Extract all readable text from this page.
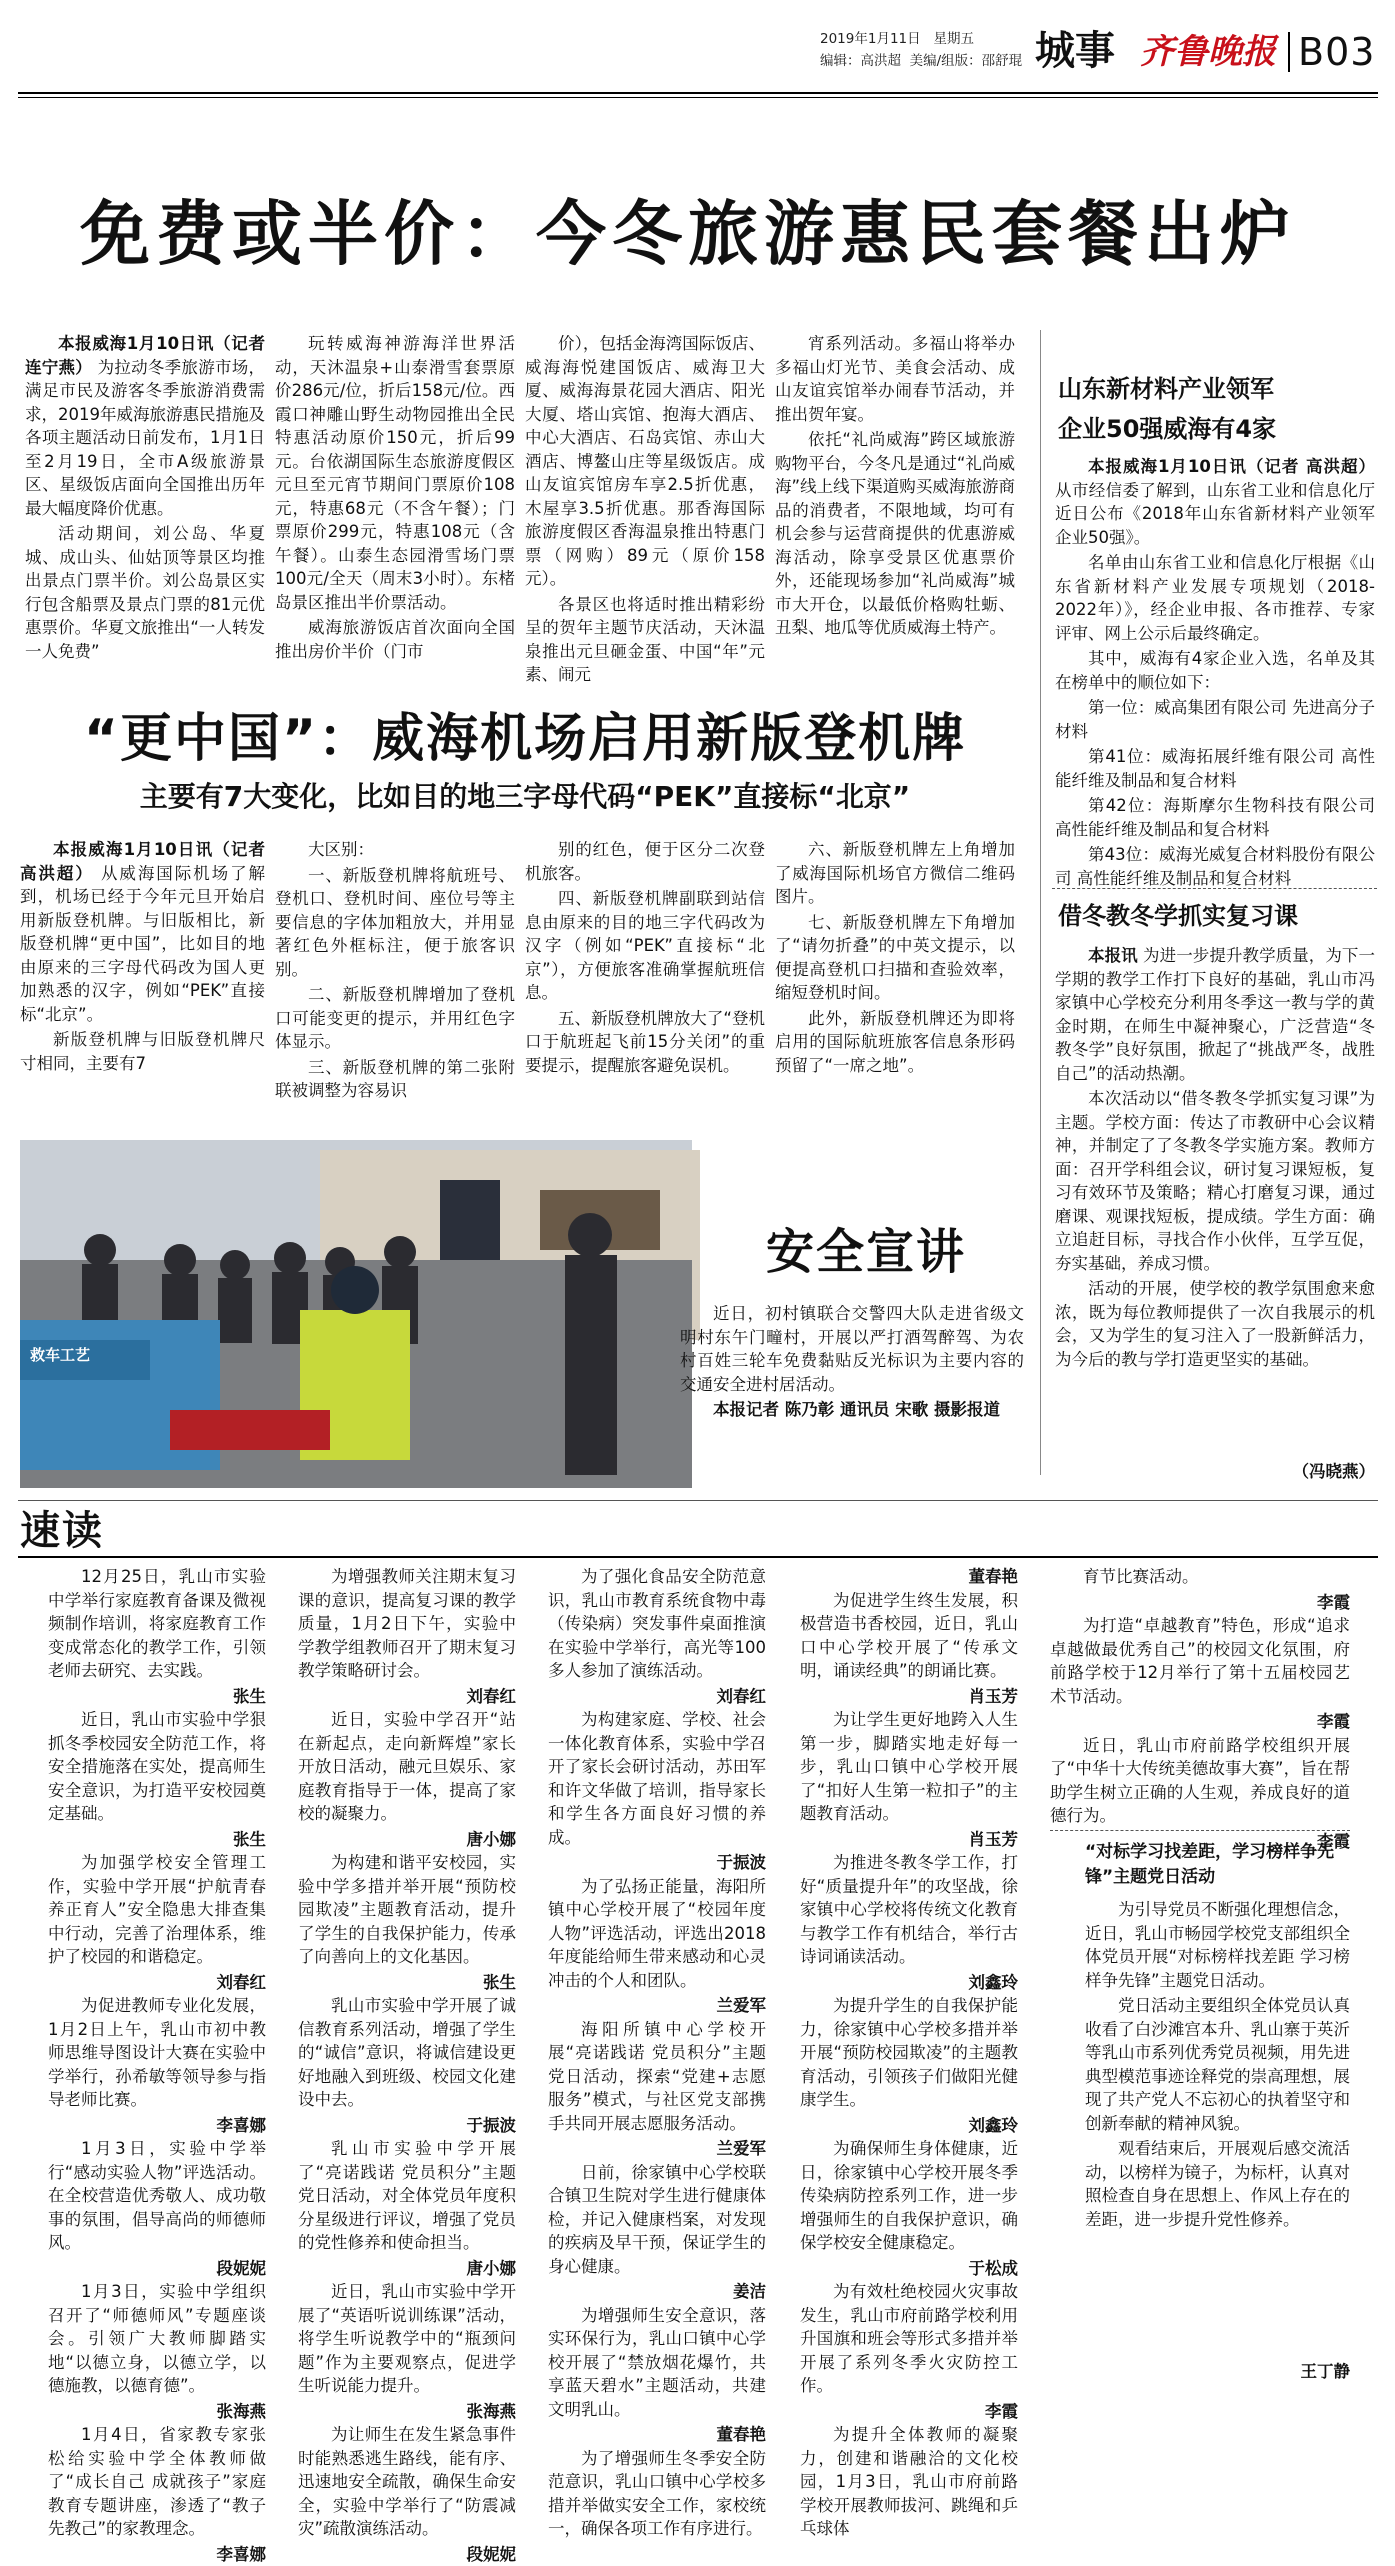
2019年1月11日 星期五
编辑：高洪超 美编/组版：邵舒琨 城事 齐鲁晚报 B03
免费或半价：今冬旅游惠民套餐出炉

本报威海1月10日讯（记者 连宁燕） 为拉动冬季旅游市场，满足市民及游客冬季旅游消费需求，2019年威海旅游惠民措施及各项主题活动日前发布，1月1日至2月19日，全市A级旅游景区、星级饭店面向全国推出历年最大幅度降价优惠。

活动期间，刘公岛、华夏城、成山头、仙姑顶等景区均推出景点门票半价。刘公岛景区实行包含船票及景点门票的81元优惠票价。华夏文旅推出“一人转发一人免费”

玩转威海神游海洋世界活动，天沐温泉+山泰滑雪套票原价286元/位，折后158元/位。西霞口神雕山野生动物园推出全民特惠活动原价150元，折后99元。台依湖国际生态旅游度假区元旦至元宵节期间门票原价108元，特惠68元（不含午餐）；门票原价299元，特惠108元（含午餐）。山泰生态园滑雪场门票100元/全天（周末3小时）。东楮岛景区推出半价票活动。

威海旅游饭店首次面向全国推出房价半价（门市

价），包括金海湾国际饭店、威海海悦建国饭店、威海卫大厦、威海海景花园大酒店、阳光大厦、塔山宾馆、抱海大酒店、中心大酒店、石岛宾馆、赤山大酒店、博鳌山庄等星级饭店。成山友谊宾馆房车享2.5折优惠，木屋享3.5折优惠。那香海国际旅游度假区香海温泉推出特惠门票（网购）89元（原价158元）。

各景区也将适时推出精彩纷呈的贺年主题节庆活动，天沐温泉推出元旦砸金蛋、中国“年”元素、闹元

宵系列活动。多福山将举办多福山灯光节、美食会活动、成山友谊宾馆举办闹春节活动，并推出贺年宴。

依托“礼尚威海”跨区域旅游购物平台，今冬凡是通过“礼尚威海”线上线下渠道购买威海旅游商品的消费者，不限地域，均可有机会参与运营商提供的优惠游威海活动，除享受景区优惠票价外，还能现场参加“礼尚威海”城市大开仓，以最低价格购牡蛎、丑梨、地瓜等优质威海土特产。

“更中国”：威海机场启用新版登机牌
主要有7大变化，比如目的地三字母代码“PEK”直接标“北京”

本报威海1月10日讯（记者 高洪超） 从威海国际机场了解到，机场已经于今年元旦开始启用新版登机牌。与旧版相比，新版登机牌“更中国”，比如目的地由原来的三字母代码改为国人更加熟悉的汉字，例如“PEK”直接标“北京”。

新版登机牌与旧版登机牌尺寸相同，主要有7

大区别：

一、新版登机牌将航班号、登机口、登机时间、座位号等主要信息的字体加粗放大，并用显著红色外框标注，便于旅客识别。

二、新版登机牌增加了登机口可能变更的提示，并用红色字体显示。

三、新版登机牌的第二张附联被调整为容易识

别的红色，便于区分二次登机旅客。

四、新版登机牌副联到站信息由原来的目的地三字代码改为汉字（例如“PEK”直接标“北京”），方便旅客准确掌握航班信息。

五、新版登机牌放大了“登机口于航班起飞前15分关闭”的重要提示，提醒旅客避免误机。

六、新版登机牌左上角增加了威海国际机场官方微信二维码图片。

七、新版登机牌左下角增加了“请勿折叠”的中英文提示，以便提高登机口扫描和查验效率，缩短登机时间。

此外，新版登机牌还为即将启用的国际航班旅客信息条形码预留了“一席之地”。

救车工艺
安全宣讲

近日，初村镇联合交警四大队走进省级文明村东午门疃村，开展以严打酒驾醉驾、为农村百姓三轮车免费黏贴反光标识为主要内容的交通安全进村居活动。

本报记者 陈乃彰 通讯员 宋歌 摄影报道

山东新材料产业领军
企业50强威海有4家

本报威海1月10日讯（记者 高洪超） 从市经信委了解到，山东省工业和信息化厅近日公布《2018年山东省新材料产业领军企业50强》。

名单由山东省工业和信息化厅根据《山东省新材料产业发展专项规划（2018-2022年）》，经企业申报、各市推荐、专家评审、网上公示后最终确定。

其中，威海有4家企业入选，名单及其在榜单中的顺位如下：

第一位：威高集团有限公司 先进高分子材料

第41位：威海拓展纤维有限公司 高性能纤维及制品和复合材料

第42位：海斯摩尔生物科技有限公司 高性能纤维及制品和复合材料

第43位：威海光威复合材料股份有限公司 高性能纤维及制品和复合材料

借冬教冬学抓实复习课

本报讯 为进一步提升教学质量，为下一学期的教学工作打下良好的基础，乳山市冯家镇中心学校充分利用冬季这一教与学的黄金时期，在师生中凝神聚心，广泛营造“冬教冬学”良好氛围，掀起了“挑战严冬，战胜自己”的活动热潮。

本次活动以“借冬教冬学抓实复习课”为主题。学校方面：传达了市教研中心会议精神，并制定了了冬教冬学实施方案。教师方面：召开学科组会议，研讨复习课短板，复习有效环节及策略；精心打磨复习课，通过磨课、观课找短板，提成绩。学生方面：确立追赶目标，寻找合作小伙伴，互学互促，夯实基础，养成习惯。

活动的开展，使学校的教学氛围愈来愈浓，既为每位教师提供了一次自我展示的机会，又为学生的复习注入了一股新鲜活力，为今后的教与学打造更坚实的基础。

（冯晓燕）
速读

12月25日，乳山市实验中学举行家庭教育备课及微视频制作培训，将家庭教育工作变成常态化的教学工作，引领老师去研究、去实践。

张生

近日，乳山市实验中学狠抓冬季校园安全防范工作，将安全措施落在实处，提高师生安全意识，为打造平安校园奠定基础。

张生

为加强学校安全管理工作，实验中学开展“护航青春 养正育人”安全隐患大排查集中行动，完善了治理体系，维护了校园的和谐稳定。

刘春红

为促进教师专业化发展，1月2日上午，乳山市初中教师思维导图设计大赛在实验中学举行，孙希敏等领导参与指导老师比赛。

李喜娜

1月3日，实验中学举行“感动实验人物”评选活动。在全校营造优秀敬人、成功敬事的氛围，倡导高尚的师德师风。

段妮妮

1月3日，实验中学组织召开了“师德师风”专题座谈会。引领广大教师脚踏实地“以德立身，以德立学，以德施教，以德育德”。

张海燕

1月4日，省家教专家张松给实验中学全体教师做了“成长自己 成就孩子”家庭教育专题讲座，渗透了“教子先教己”的家教理念。

李喜娜

为增强教师关注期末复习课的意识，提高复习课的教学质量，1月2日下午，实验中学教学组教师召开了期末复习教学策略研讨会。

刘春红

近日，实验中学召开“站在新起点，走向新辉煌”家长开放日活动，融元旦娱乐、家庭教育指导于一体，提高了家校的凝聚力。

唐小娜

为构建和谐平安校园，实验中学多措并举开展“预防校园欺凌”主题教育活动，提升了学生的自我保护能力，传承了向善向上的文化基因。

张生

乳山市实验中学开展了诚信教育系列活动，增强了学生的“诚信”意识，将诚信建设更好地融入到班级、校园文化建设中去。

于振波

乳山市实验中学开展了“亮诺践诺 党员积分”主题党日活动，对全体党员年度积分星级进行评议，增强了党员的党性修养和使命担当。

唐小娜

近日，乳山市实验中学开展了“英语听说训练课”活动，将学生听说教学中的“瓶颈问题”作为主要观察点，促进学生听说能力提升。

张海燕

为让师生在发生紧急事件时能熟悉逃生路线，能有序、迅速地安全疏散，确保生命安全，实验中学举行了“防震减灾”疏散演练活动。

段妮妮

为了强化食品安全防范意识，乳山市教育系统食物中毒（传染病）突发事件桌面推演在实验中学举行，高光等100多人参加了演练活动。

刘春红

为构建家庭、学校、社会一体化教育体系，实验中学召开了家长会研讨活动，苏田军和许文华做了培训，指导家长和学生各方面良好习惯的养成。

于振波

为了弘扬正能量，海阳所镇中心学校开展了“校园年度人物”评选活动，评选出2018年度能给师生带来感动和心灵冲击的个人和团队。

兰爱军

海阳所镇中心学校开展“亮诺践诺 党员积分”主题党日活动，探索“党建+志愿服务”模式，与社区党支部携手共同开展志愿服务活动。

兰爱军

日前，徐家镇中心学校联合镇卫生院对学生进行健康体检，并记入健康档案，对发现的疾病及早干预，保证学生的身心健康。

姜洁

为增强师生安全意识，落实环保行为，乳山口镇中心学校开展了“禁放烟花爆竹，共享蓝天碧水”主题活动，共建文明乳山。

董春艳

为了增强师生冬季安全防范意识，乳山口镇中心学校多措并举做实安全工作，家校统一，确保各项工作有序进行。

董春艳

为促进学生终生发展，积极营造书香校园，近日，乳山口中心学校开展了“传承文明，诵读经典”的朗诵比赛。

肖玉芳

为让学生更好地跨入人生第一步，脚踏实地走好每一步，乳山口镇中心学校开展了“扣好人生第一粒扣子”的主题教育活动。

肖玉芳

为推进冬教冬学工作，打好“质量提升年”的攻坚战，徐家镇中心学校将传统文化教育与教学工作有机结合，举行古诗词诵读活动。

刘鑫玲

为提升学生的自我保护能力，徐家镇中心学校多措并举开展“预防校园欺凌”的主题教育活动，引领孩子们做阳光健康学生。

刘鑫玲

为确保师生身体健康，近日，徐家镇中心学校开展冬季传染病防控系列工作，进一步增强师生的自我保护意识，确保学校安全健康稳定。

于松成

为有效杜绝校园火灾事故发生，乳山市府前路学校利用升国旗和班会等形式多措并举开展了系列冬季火灾防控工作。

李霞

为提升全体教师的凝聚力，创建和谐融洽的文化校园，1月3日，乳山市府前路学校开展教师拔河、跳绳和乒乓球体

育节比赛活动。

李霞

为打造“卓越教育”特色，形成“追求卓越做最优秀自己”的校园文化氛围，府前路学校于12月举行了第十五届校园艺术节活动。

李霞

近日，乳山市府前路学校组织开展了“中华十大传统美德故事大赛”，旨在帮助学生树立正确的人生观，养成良好的道德行为。

李霞

“对标学习找差距，学习榜样争先锋”主题党日活动

为引导党员不断强化理想信念，近日，乳山市畅园学校党支部组织全体党员开展“对标榜样找差距 学习榜样争先锋”主题党日活动。

党日活动主要组织全体党员认真收看了白沙滩宫本升、乳山寨于英沂等乳山市系列优秀党员视频，用先进典型模范事迹诠释党的崇高理想，展现了共产党人不忘初心的执着坚守和创新奉献的精神风貌。

观看结束后，开展观后感交流活动，以榜样为镜子，为标杆，认真对照检查自身在思想上、作风上存在的差距，进一步提升党性修养。

王丁静
